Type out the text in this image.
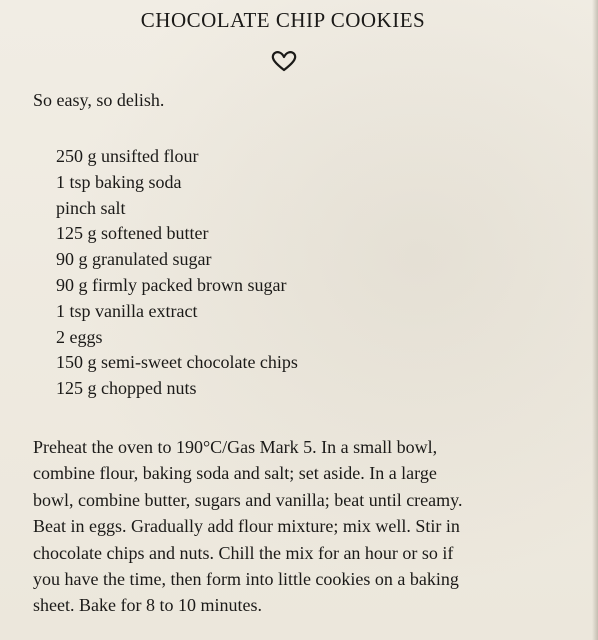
CHOCOLATE CHIP COOKIES

So easy, so delish.

250 g unsifted flour
1 tsp baking soda
pinch salt
125 g softened butter
90 g granulated sugar
90 g firmly packed brown sugar
1 tsp vanilla extract
2 eggs
150 g semi-sweet chocolate chips
125 g chopped nuts

Preheat the oven to 190°C/Gas Mark 5. In a small bowl,
combine flour, baking soda and salt; set aside. In a large
bowl, combine butter, sugars and vanilla; beat until creamy.
Beat in eggs. Gradually add flour mixture; mix well. Stir in
chocolate chips and nuts. Chill the mix for an hour or so if
you have the time, then form into little cookies on a baking
sheet. Bake for 8 to 10 minutes.
